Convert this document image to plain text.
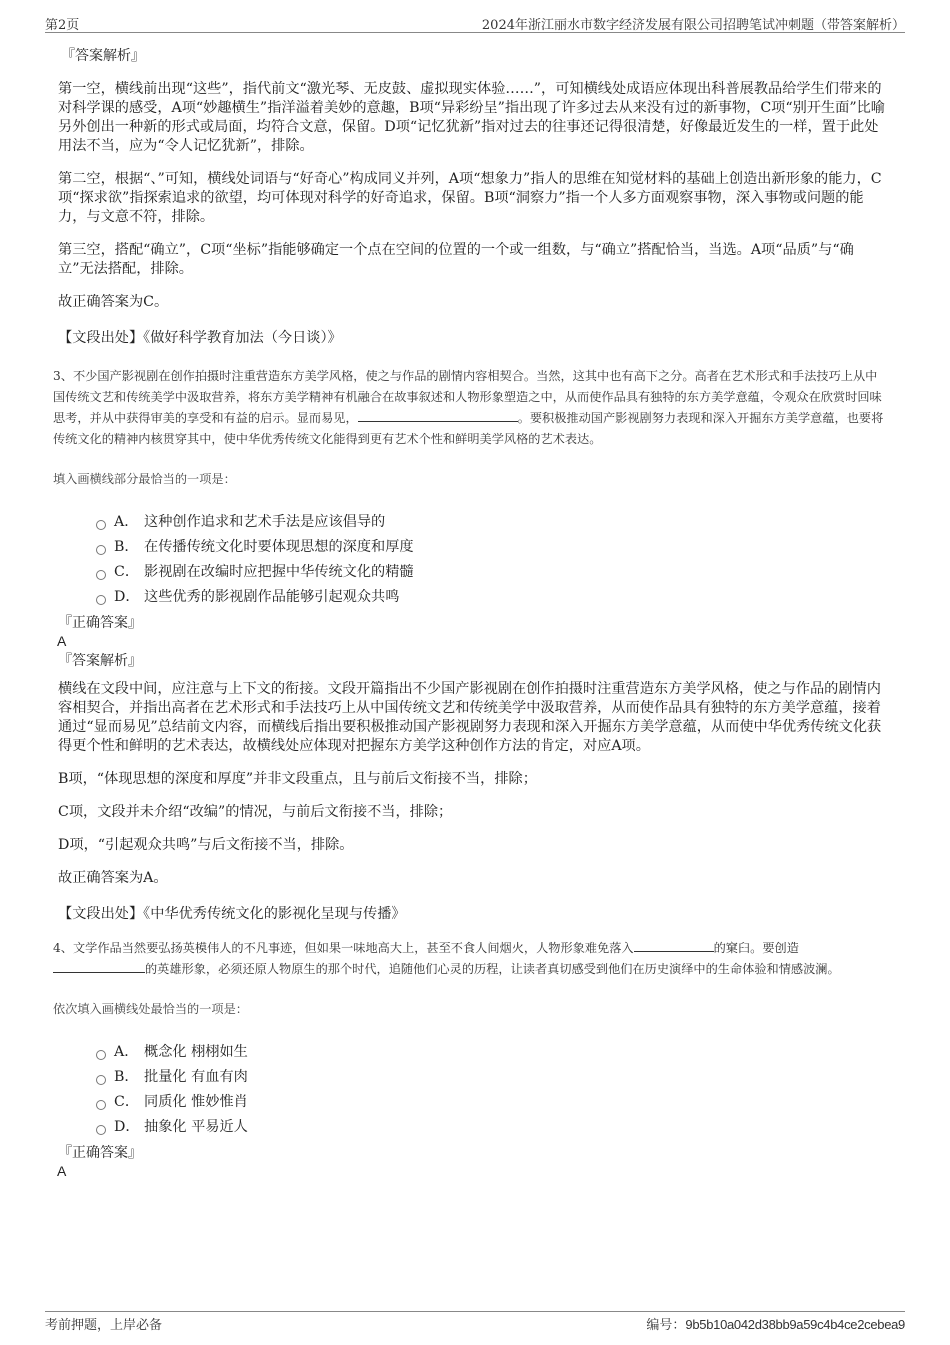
第2页	2024年浙江丽水市数字经济发展有限公司招聘笔试冲刺题（带答案解析）
『答案解析』

第一空，横线前出现“这些”，指代前文“激光琴、无皮鼓、虚拟现实体验……”，可知横线处成语应体现出科普展教品给学生们带来的对科学课的感受，A项“妙趣横生”指洋溢着美妙的意趣，B项“异彩纷呈”指出现了许多过去从来没有过的新事物，C项“别开生面”比喻另外创出一种新的形式或局面，均符合文意，保留。D项“记忆犹新”指对过去的往事还记得很清楚，好像最近发生的一样，置于此处用法不当，应为“令人记忆犹新”，排除。

第二空，根据“、”可知，横线处词语与“好奇心”构成同义并列，A项“想象力”指人的思维在知觉材料的基础上创造出新形象的能力，C项“探求欲”指探索追求的欲望，均可体现对科学的好奇追求，保留。B项“洞察力”指一个人多方面观察事物，深入事物或问题的能力，与文意不符，排除。

第三空，搭配“确立”，C项“坐标”指能够确定一个点在空间的位置的一个或一组数，与“确立”搭配恰当，当选。A项“品质”与“确立”无法搭配，排除。

故正确答案为C。

【文段出处】《做好科学教育加法（今日谈）》

3、不少国产影视剧在创作拍摄时注重营造东方美学风格，使之与作品的剧情内容相契合。当然，这其中也有高下之分。高者在艺术形式和手法技巧上从中国传统文艺和传统美学中汲取营养，将东方美学精神有机融合在故事叙述和人物形象塑造之中，从而使作品具有独特的东方美学意蕴，令观众在欣赏时回味思考，并从中获得审美的享受和有益的启示。显而易见，	。要积极推动国产影视剧努力表现和深入开掘东方美学意蕴，也要将传统文化的精神内核贯穿其中，使中华优秀传统文化能得到更有艺术个性和鲜明美学风格的艺术表达。

填入画横线部分最恰当的一项是：

A． 这种创作追求和艺术手法是应该倡导的
B． 在传播传统文化时要体现思想的深度和厚度
C． 影视剧在改编时应把握中华传统文化的精髓
D． 这些优秀的影视剧作品能够引起观众共鸣
『正确答案』
A
『答案解析』

横线在文段中间，应注意与上下文的衔接。文段开篇指出不少国产影视剧在创作拍摄时注重营造东方美学风格，使之与作品的剧情内容相契合，并指出高者在艺术形式和手法技巧上从中国传统文艺和传统美学中汲取营养，从而使作品具有独特的东方美学意蕴，接着通过“显而易见”总结前文内容，而横线后指出要积极推动国产影视剧努力表现和深入开掘东方美学意蕴，从而使中华优秀传统文化获得更个性和鲜明的艺术表达，故横线处应体现对把握东方美学这种创作方法的肯定，对应A项。

B项，“体现思想的深度和厚度”并非文段重点，且与前后文衔接不当，排除；

C项，文段并未介绍“改编”的情况，与前后文衔接不当，排除；

D项，“引起观众共鸣”与后文衔接不当，排除。

故正确答案为A。

【文段出处】《中华优秀传统文化的影视化呈现与传播》

4、文学作品当然要弘扬英模伟人的不凡事迹，但如果一味地高大上，甚至不食人间烟火，人物形象难免落入	的窠臼。要创造的英雄形象，必须还原人物原生的那个时代，追随他们心灵的历程，让读者真切感受到他们在历史演绎中的生命体验和情感波澜。

依次填入画横线处最恰当的一项是：

A． 概念化 栩栩如生
B． 批量化 有血有肉
C． 同质化 惟妙惟肖
D． 抽象化 平易近人
『正确答案』
A
考前押题，上岸必备	编号：9b5b10a042d38bb9a59c4b4ce2cebea9
